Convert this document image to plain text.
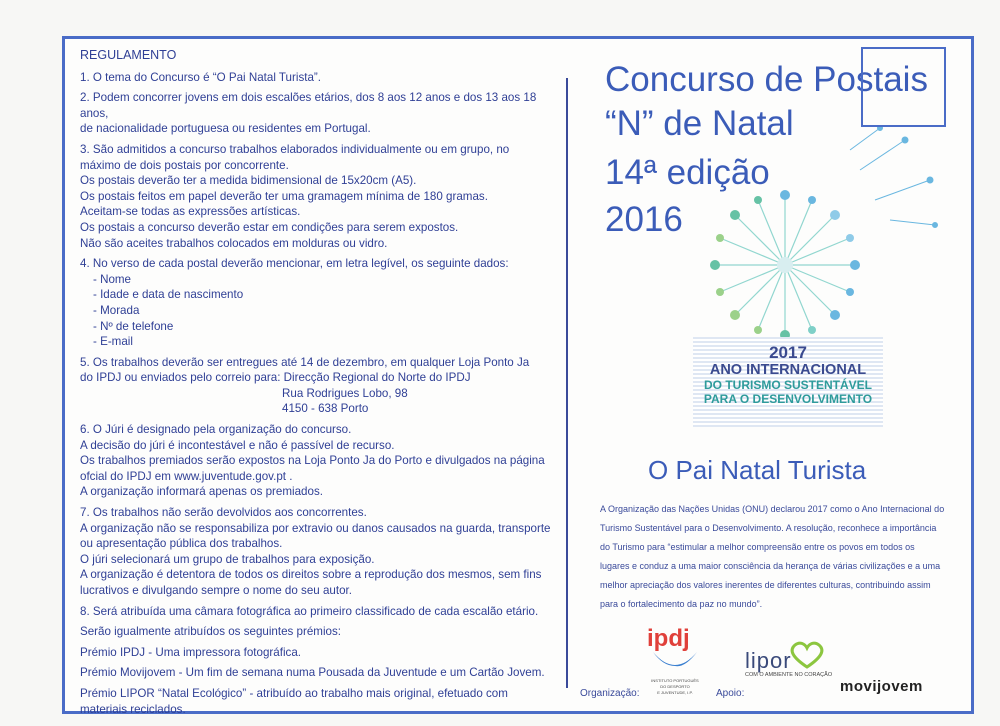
REGULAMENTO

1. O tema do Concurso é “O Pai Natal Turista”.

2. Podem concorrer jovens em dois escalões etários, dos 8 aos 12 anos e dos 13 aos 18 anos,

de nacionalidade portuguesa ou residentes em Portugal.

3. São admitidos a concurso trabalhos elaborados individualmente ou em grupo, no

máximo de dois postais por concorrente.

Os postais deverão ter a medida bidimensional de 15x20cm (A5).

Os postais feitos em papel deverão ter uma gramagem mínima de 180 gramas.

Aceitam-se todas as expressões artísticas.

Os postais a concurso deverão estar em condições para serem expostos.

Não são aceites trabalhos colocados em molduras ou vidro.

4. No verso de cada postal deverão mencionar, em letra legível, os seguinte dados:

- Nome

- Idade e data de nascimento

- Morada

- Nº de telefone

- E-mail

5. Os trabalhos deverão ser entregues até 14 de dezembro, em qualquer Loja Ponto Ja

do IPDJ ou enviados pelo correio para: Direcção Regional do Norte do IPDJ

Rua Rodrigues Lobo, 98

4150 - 638 Porto

6. O Júri é designado pela organização do concurso.

A decisão do júri é incontestável e não é passível de recurso.

Os trabalhos premiados serão expostos na Loja Ponto Ja do Porto e divulgados na página

ofcial do IPDJ em www.juventude.gov.pt .

A organização informará apenas os premiados.

7. Os trabalhos não serão devolvidos aos concorrentes.

A organização não se responsabiliza por extravio ou danos causados na guarda, transporte

ou apresentação pública dos trabalhos.

O júri selecionará um grupo de trabalhos para exposição.

A organização é detentora de todos os direitos sobre a reprodução dos mesmos, sem fins

lucrativos e divulgando sempre o nome do seu autor.

8. Será atribuída uma câmara fotográfica ao primeiro classificado de cada escalão etário.

Serão igualmente atribuídos os seguintes prémios:

Prémio IPDJ - Uma impressora fotográfica.

Prémio Movijovem - Um fim de semana numa Pousada da Juventude e um Cartão Jovem.

Prémio LIPOR “Natal Ecológico” - atribuído ao trabalho mais original, efetuado com

materiais reciclados.

Concurso de Postais
“N” de Natal
14ª edição
2016
2017
ANO INTERNACIONAL
DO TURISMO SUSTENTÁVEL
PARA O DESENVOLVIMENTO
O Pai Natal Turista
A Organização das Nações Unidas (ONU) declarou 2017 como o Ano Internacional do Turismo Sustentável para o Desenvolvimento. A resolução, reconhece a importância do Turismo para “estimular a melhor compreensão entre os povos em todos os lugares e conduz a uma maior consciência da herança de várias civilizações e a uma melhor apreciação dos valores inerentes de diferentes culturas, contribuindo assim para o fortalecimento da paz no mundo”.
Organização:
ipdj
INSTITUTO PORTUGUÊS
DO DESPORTO
E JUVENTUDE, I.P. Apoio:
lipor
COM O AMBIENTE NO CORAÇÃO
movijovem
